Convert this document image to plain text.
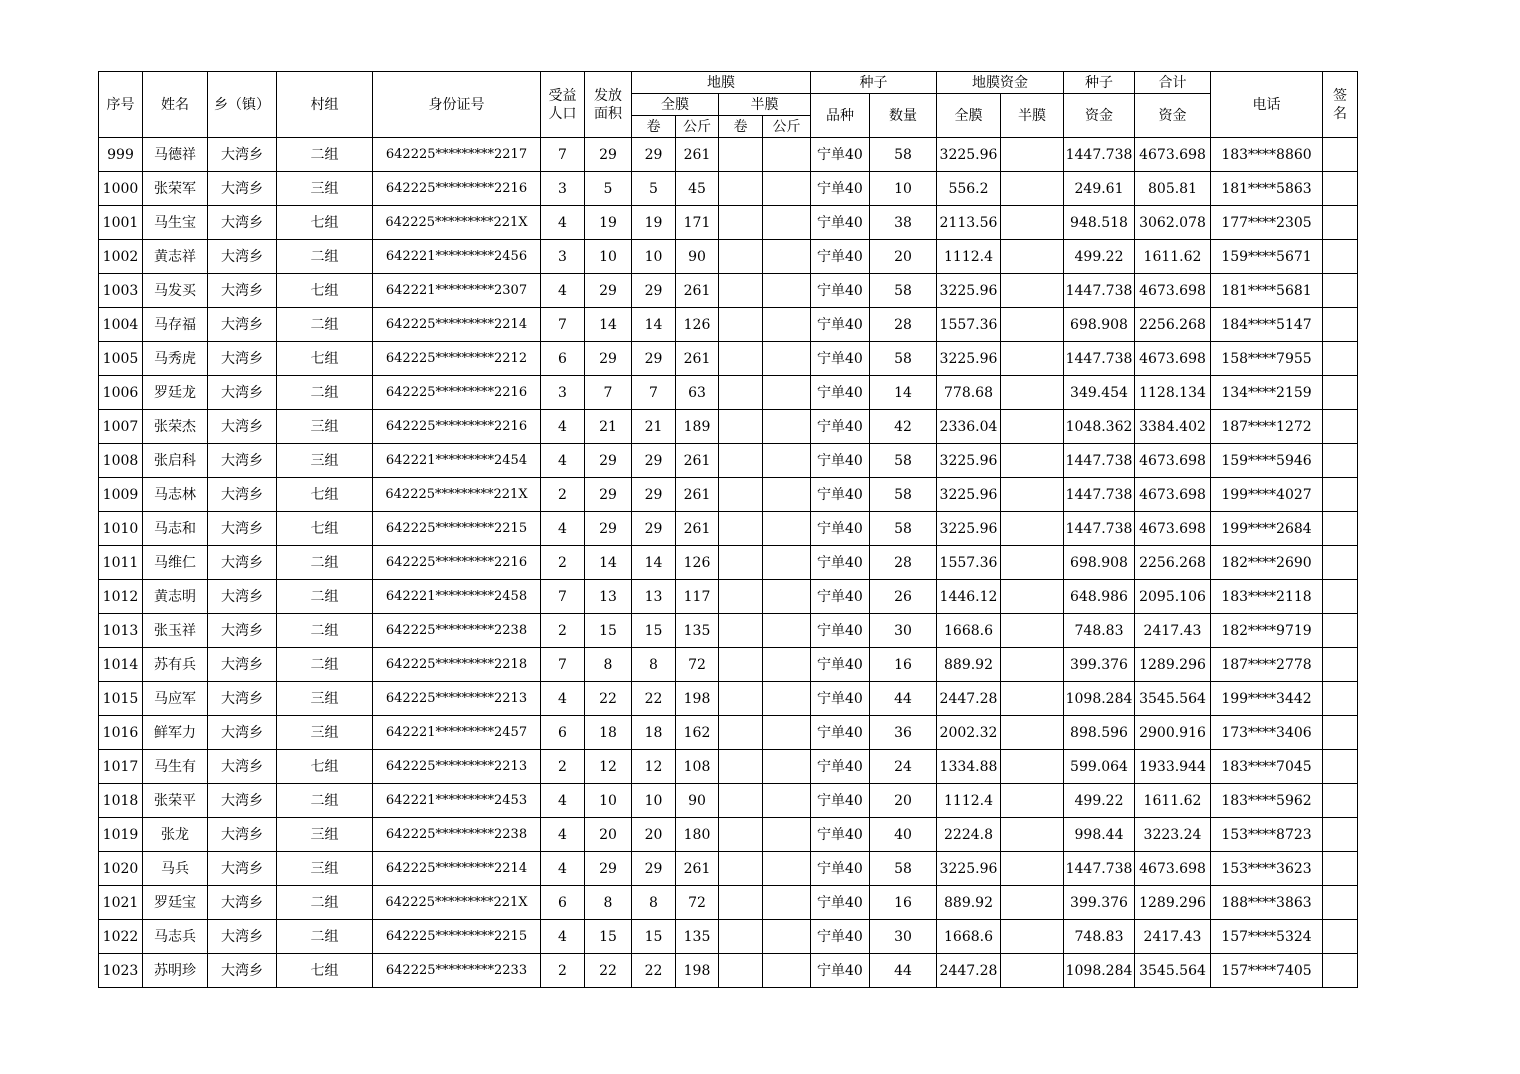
序号	姓名	乡（镇）	村组	身份证号	受益人口	发放面积	地膜				种子		地膜资金		种子	合计	电话	签名
							全膜		半膜		品种	数量	全膜	半膜	资金	资金		
							卷	公斤	卷	公斤								
999	马德祥	大湾乡	二组	642225*********2217	7	29	29	261			宁单40	58	3225.96		1447.738	4673.698	183****8860	
1000	张荣军	大湾乡	三组	642225*********2216	3	5	5	45			宁单40	10	556.2		249.61	805.81	181****5863	
1001	马生宝	大湾乡	七组	642225*********221X	4	19	19	171			宁单40	38	2113.56		948.518	3062.078	177****2305	
1002	黄志祥	大湾乡	二组	642221*********2456	3	10	10	90			宁单40	20	1112.4		499.22	1611.62	159****5671	
1003	马发买	大湾乡	七组	642221*********2307	4	29	29	261			宁单40	58	3225.96		1447.738	4673.698	181****5681	
1004	马存福	大湾乡	二组	642225*********2214	7	14	14	126			宁单40	28	1557.36		698.908	2256.268	184****5147	
1005	马秀虎	大湾乡	七组	642225*********2212	6	29	29	261			宁单40	58	3225.96		1447.738	4673.698	158****7955	
1006	罗廷龙	大湾乡	二组	642225*********2216	3	7	7	63			宁单40	14	778.68		349.454	1128.134	134****2159	
1007	张荣杰	大湾乡	三组	642225*********2216	4	21	21	189			宁单40	42	2336.04		1048.362	3384.402	187****1272	
1008	张启科	大湾乡	三组	642221*********2454	4	29	29	261			宁单40	58	3225.96		1447.738	4673.698	159****5946	
1009	马志林	大湾乡	七组	642225*********221X	2	29	29	261			宁单40	58	3225.96		1447.738	4673.698	199****4027	
1010	马志和	大湾乡	七组	642225*********2215	4	29	29	261			宁单40	58	3225.96		1447.738	4673.698	199****2684	
1011	马维仁	大湾乡	二组	642225*********2216	2	14	14	126			宁单40	28	1557.36		698.908	2256.268	182****2690	
1012	黄志明	大湾乡	二组	642221*********2458	7	13	13	117			宁单40	26	1446.12		648.986	2095.106	183****2118	
1013	张玉祥	大湾乡	二组	642225*********2238	2	15	15	135			宁单40	30	1668.6		748.83	2417.43	182****9719	
1014	苏有兵	大湾乡	二组	642225*********2218	7	8	8	72			宁单40	16	889.92		399.376	1289.296	187****2778	
1015	马应军	大湾乡	三组	642225*********2213	4	22	22	198			宁单40	44	2447.28		1098.284	3545.564	199****3442	
1016	鲜军力	大湾乡	三组	642221*********2457	6	18	18	162			宁单40	36	2002.32		898.596	2900.916	173****3406	
1017	马生有	大湾乡	七组	642225*********2213	2	12	12	108			宁单40	24	1334.88		599.064	1933.944	183****7045	
1018	张荣平	大湾乡	二组	642221*********2453	4	10	10	90			宁单40	20	1112.4		499.22	1611.62	183****5962	
1019	张龙	大湾乡	三组	642225*********2238	4	20	20	180			宁单40	40	2224.8		998.44	3223.24	153****8723	
1020	马兵	大湾乡	三组	642225*********2214	4	29	29	261			宁单40	58	3225.96		1447.738	4673.698	153****3623	
1021	罗廷宝	大湾乡	二组	642225*********221X	6	8	8	72			宁单40	16	889.92		399.376	1289.296	188****3863	
1022	马志兵	大湾乡	二组	642225*********2215	4	15	15	135			宁单40	30	1668.6		748.83	2417.43	157****5324	
1023	苏明珍	大湾乡	七组	642225*********2233	2	22	22	198			宁单40	44	2447.28		1098.284	3545.564	157****7405	
